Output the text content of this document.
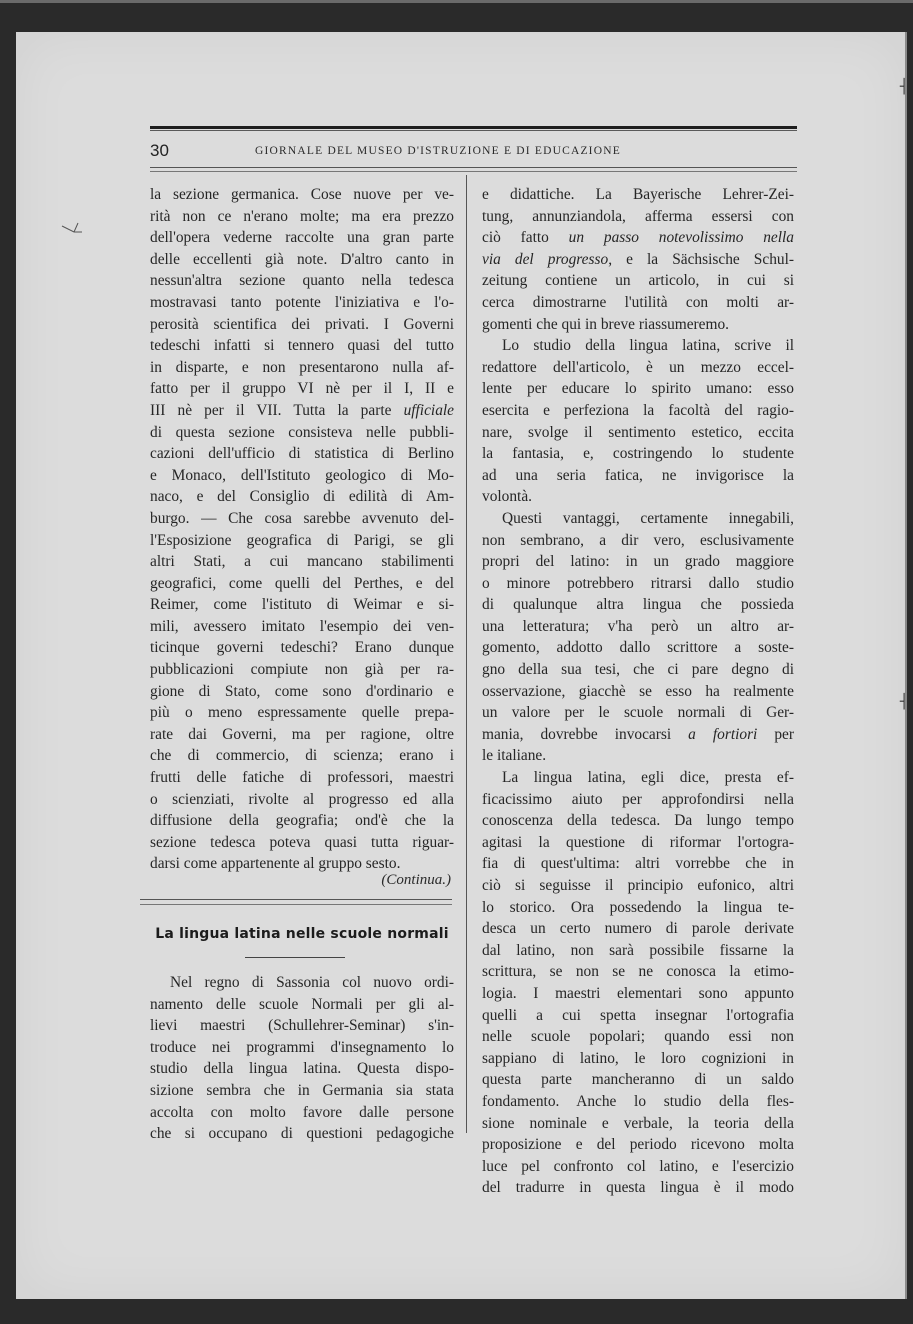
┤
┤
30	GIORNALE DEL MUSEO D'ISTRUZIONE E DI EDUCAZIONE
la sezione germanica. Cose nuove per ve-
rità non ce n'erano molte; ma era prezzo
dell'opera vederne raccolte una gran parte
delle eccellenti già note. D'altro canto in
nessun'altra sezione quanto nella tedesca
mostravasi tanto potente l'iniziativa e l'o-
perosità scientifica dei privati. I Governi
tedeschi infatti si tennero quasi del tutto
in disparte, e non presentarono nulla af-
fatto per il gruppo VI nè per il I, II e
III nè per il VII. Tutta la parte ufficiale
di questa sezione consisteva nelle pubbli-
cazioni dell'ufficio di statistica di Berlino
e Monaco, dell'Istituto geologico di Mo-
naco, e del Consiglio di edilità di Am-
burgo. — Che cosa sarebbe avvenuto del-
l'Esposizione geografica di Parigi, se gli
altri Stati, a cui mancano stabilimenti
geografici, come quelli del Perthes, e del
Reimer, come l'istituto di Weimar e si-
mili, avessero imitato l'esempio dei ven-
ticinque governi tedeschi? Erano dunque
pubblicazioni compiute non già per ra-
gione di Stato, come sono d'ordinario e
più o meno espressamente quelle prepa-
rate dai Governi, ma per ragione, oltre
che di commercio, di scienza; erano i
frutti delle fatiche di professori, maestri
o scienziati, rivolte al progresso ed alla
diffusione della geografia; ond'è che la
sezione tedesca poteva quasi tutta riguar-
darsi come appartenente al gruppo sesto.
(Continua.)
La lingua latina nelle scuole normali
Nel regno di Sassonia col nuovo ordi-
namento delle scuole Normali per gli al-
lievi maestri (Schullehrer-Seminar) s'in-
troduce nei programmi d'insegnamento lo
studio della lingua latina. Questa dispo-
sizione sembra che in Germania sia stata
accolta con molto favore dalle persone
che si occupano di questioni pedagogiche
e didattiche. La Bayerische Lehrer-Zei-
tung, annunziandola, afferma essersi con
ciò fatto un passo notevolissimo nella
via del progresso, e la Sächsische Schul-
zeitung contiene un articolo, in cui si
cerca dimostrarne l'utilità con molti ar-
gomenti che qui in breve riassumeremo.
Lo studio della lingua latina, scrive il
redattore dell'articolo, è un mezzo eccel-
lente per educare lo spirito umano: esso
esercita e perfeziona la facoltà del ragio-
nare, svolge il sentimento estetico, eccita
la fantasia, e, costringendo lo studente
ad una seria fatica, ne invigorisce la
volontà.
Questi vantaggi, certamente innegabili,
non sembrano, a dir vero, esclusivamente
propri del latino: in un grado maggiore
o minore potrebbero ritrarsi dallo studio
di qualunque altra lingua che possieda
una letteratura; v'ha però un altro ar-
gomento, addotto dallo scrittore a soste-
gno della sua tesi, che ci pare degno di
osservazione, giacchè se esso ha realmente
un valore per le scuole normali di Ger-
mania, dovrebbe invocarsi a fortiori per
le italiane.
La lingua latina, egli dice, presta ef-
ficacissimo aiuto per approfondirsi nella
conoscenza della tedesca. Da lungo tempo
agitasi la questione di riformar l'ortogra-
fia di quest'ultima: altri vorrebbe che in
ciò si seguisse il principio eufonico, altri
lo storico. Ora possedendo la lingua te-
desca un certo numero di parole derivate
dal latino, non sarà possibile fissarne la
scrittura, se non se ne conosca la etimo-
logia. I maestri elementari sono appunto
quelli a cui spetta insegnar l'ortografia
nelle scuole popolari; quando essi non
sappiano di latino, le loro cognizioni in
questa parte mancheranno di un saldo
fondamento. Anche lo studio della fles-
sione nominale e verbale, la teoria della
proposizione e del periodo ricevono molta
luce pel confronto col latino, e l'esercizio
del tradurre in questa lingua è il modo
